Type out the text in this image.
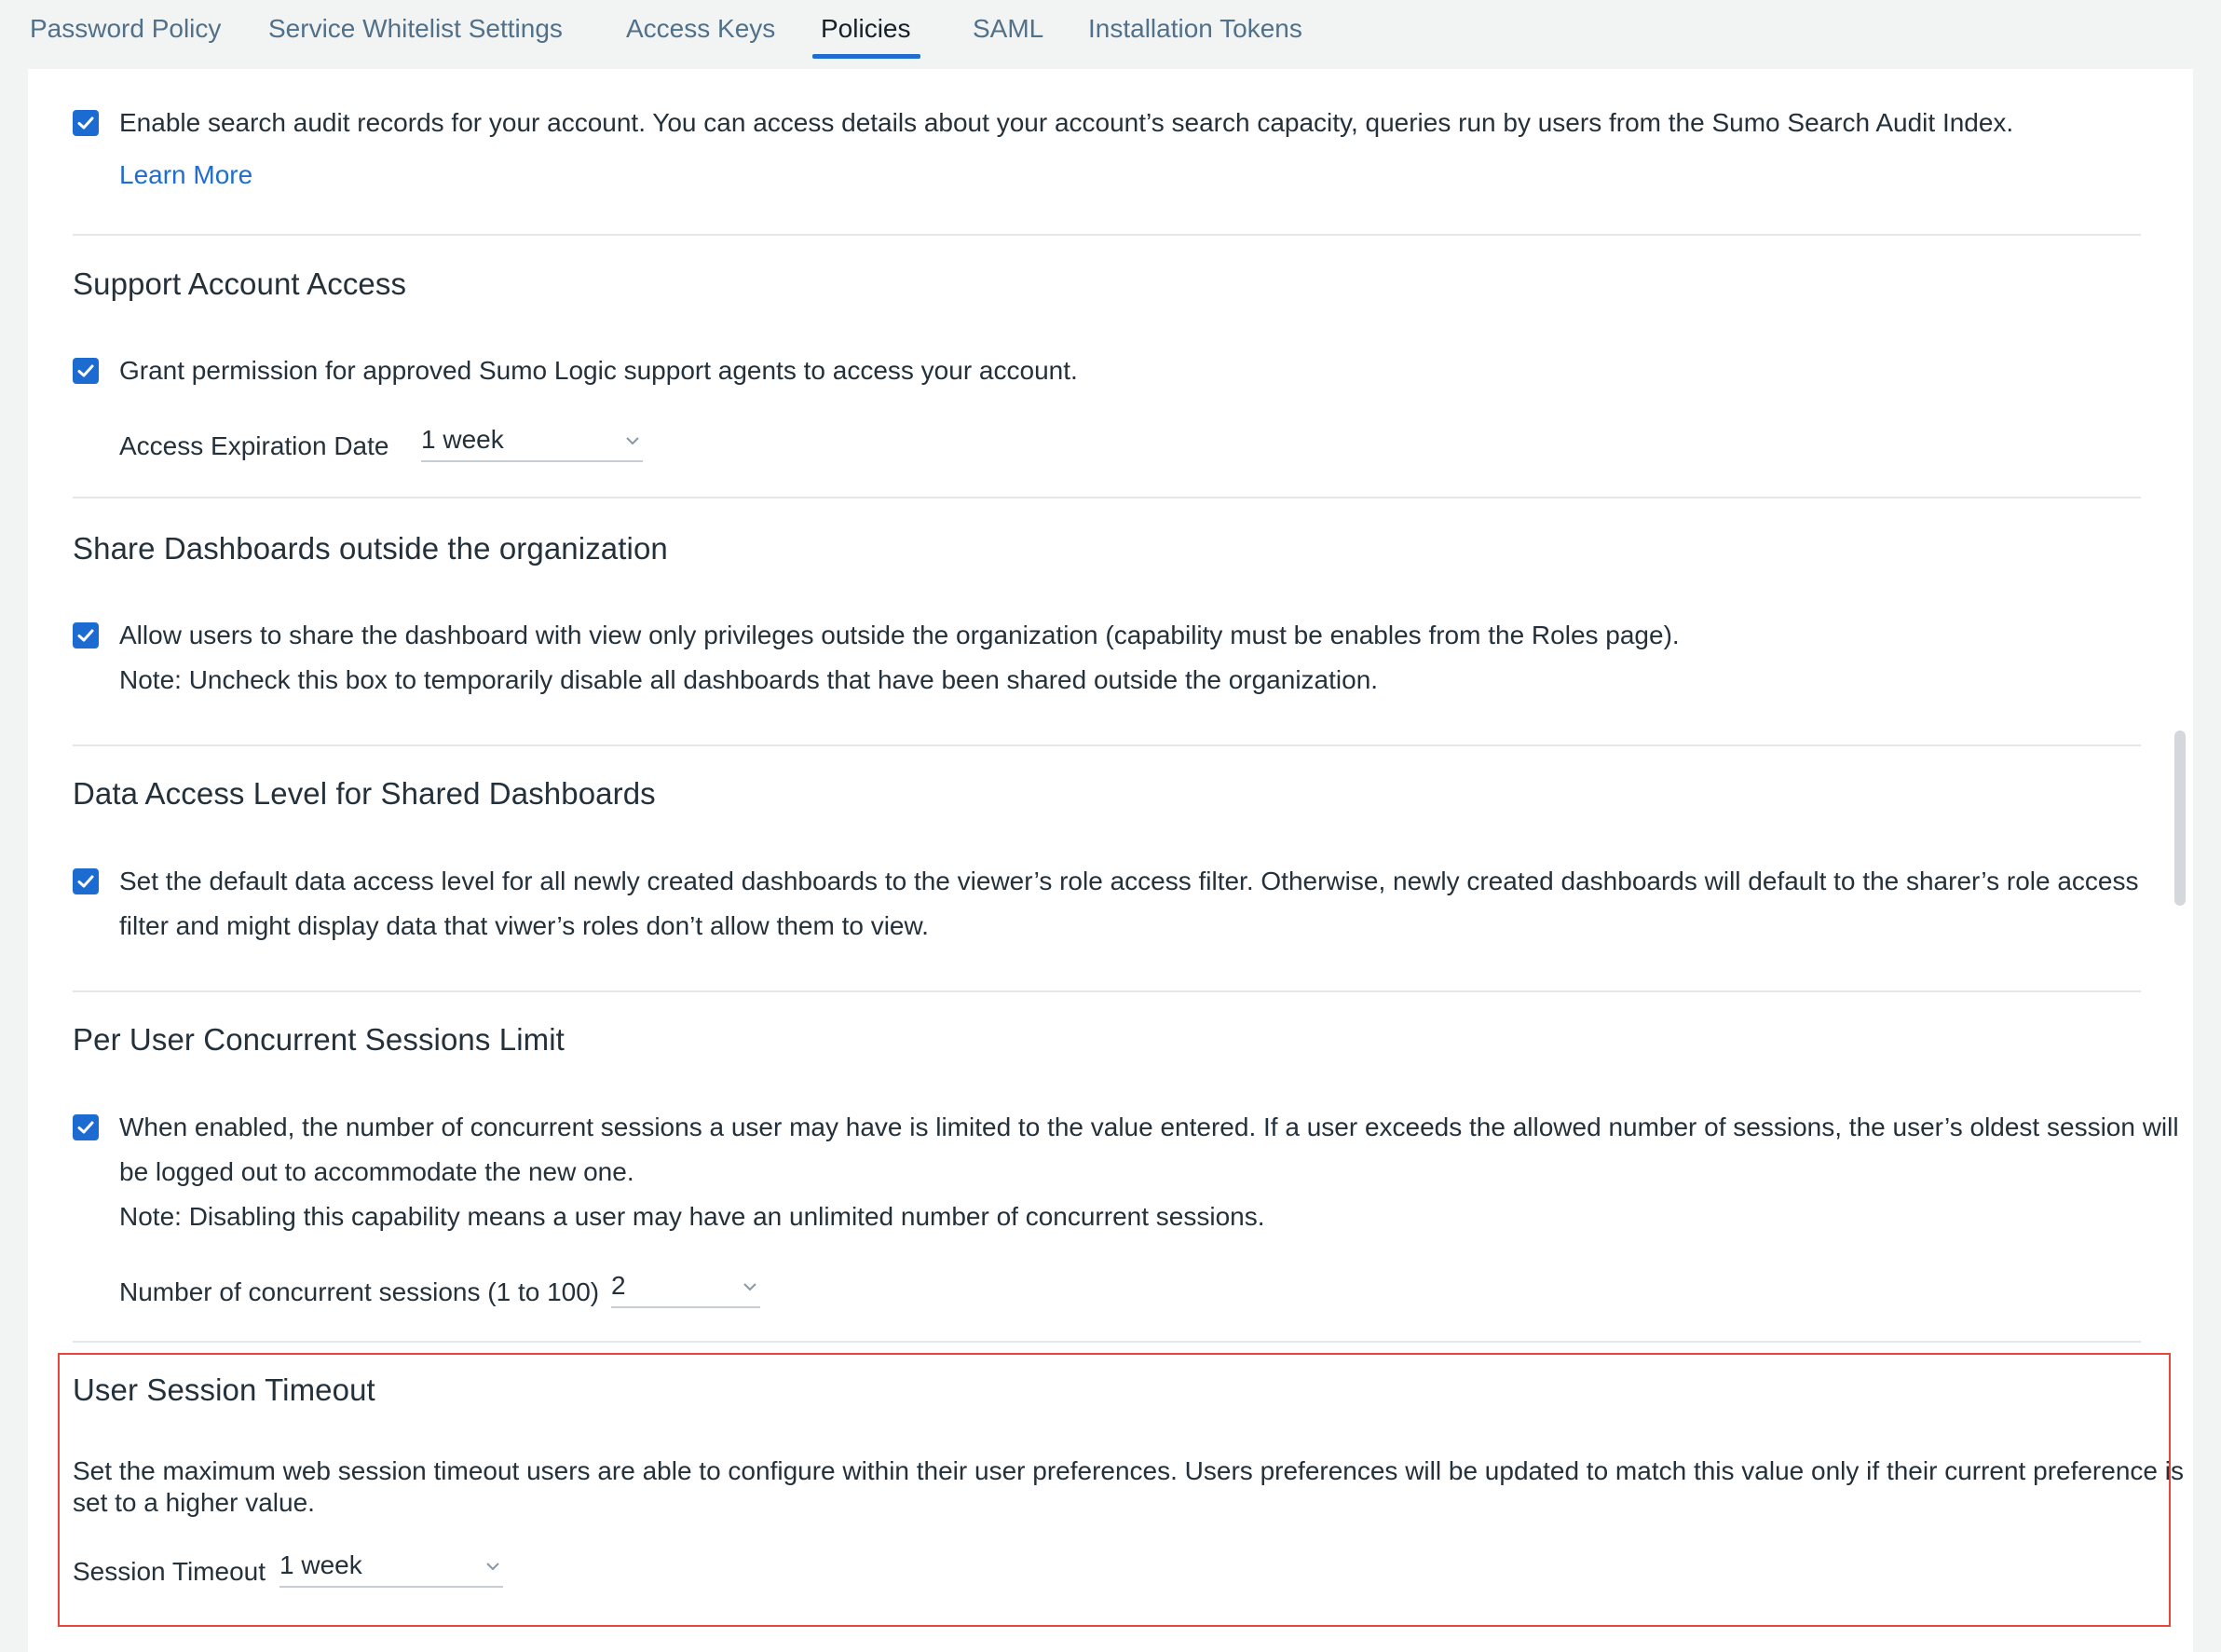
Password Policy Service Whitelist Settings Access Keys Policies SAML Installation Tokens
Enable search audit records for your account. You can access details about your account’s search capacity, queries run by users from the Sumo Search Audit Index.
Learn More
Support Account Access
Grant permission for approved Sumo Logic support agents to access your account.
Access Expiration Date 1 week
Share Dashboards outside the organization
Allow users to share the dashboard with view only privileges outside the organization (capability must be enables from the Roles page).
Note: Uncheck this box to temporarily disable all dashboards that have been shared outside the organization.
Data Access Level for Shared Dashboards
Set the default data access level for all newly created dashboards to the viewer’s role access filter. Otherwise, newly created dashboards will default to the sharer’s role access
filter and might display data that viwer’s roles don’t allow them to view.
Per User Concurrent Sessions Limit
When enabled, the number of concurrent sessions a user may have is limited to the value entered. If a user exceeds the allowed number of sessions, the user’s oldest session will
be logged out to accommodate the new one.
Note: Disabling this capability means a user may have an unlimited number of concurrent sessions.
Number of concurrent sessions (1 to 100) 2
User Session Timeout
Set the maximum web session timeout users are able to configure within their user preferences. Users preferences will be updated to match this value only if their current preference is
set to a higher value.
Session Timeout 1 week
